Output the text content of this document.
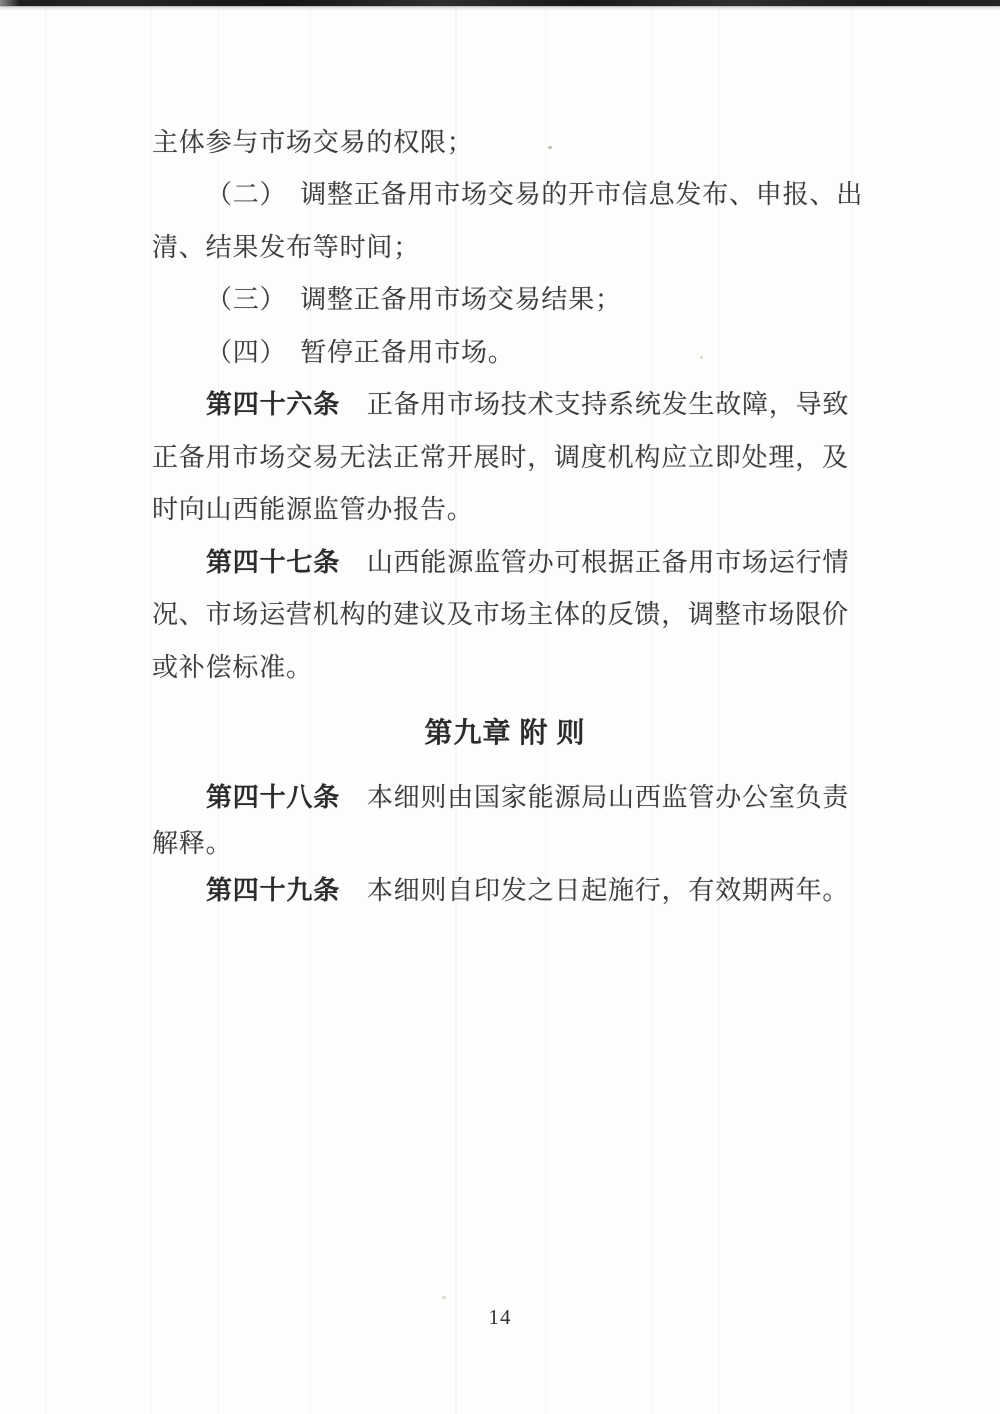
主体参与市场交易的权限；
（二）　调整正备用市场交易的开市信息发布、申报、出
清、结果发布等时间；
（三）　调整正备用市场交易结果；
（四）　暂停正备用市场。
第四十六条　正备用市场技术支持系统发生故障，导致
正备用市场交易无法正常开展时，调度机构应立即处理，及
时向山西能源监管办报告。
第四十七条　山西能源监管办可根据正备用市场运行情
况、市场运营机构的建议及市场主体的反馈，调整市场限价
或补偿标准。
第九章 附 则
第四十八条　本细则由国家能源局山西监管办公室负责
解释。
第四十九条　本细则自印发之日起施行，有效期两年。
14
